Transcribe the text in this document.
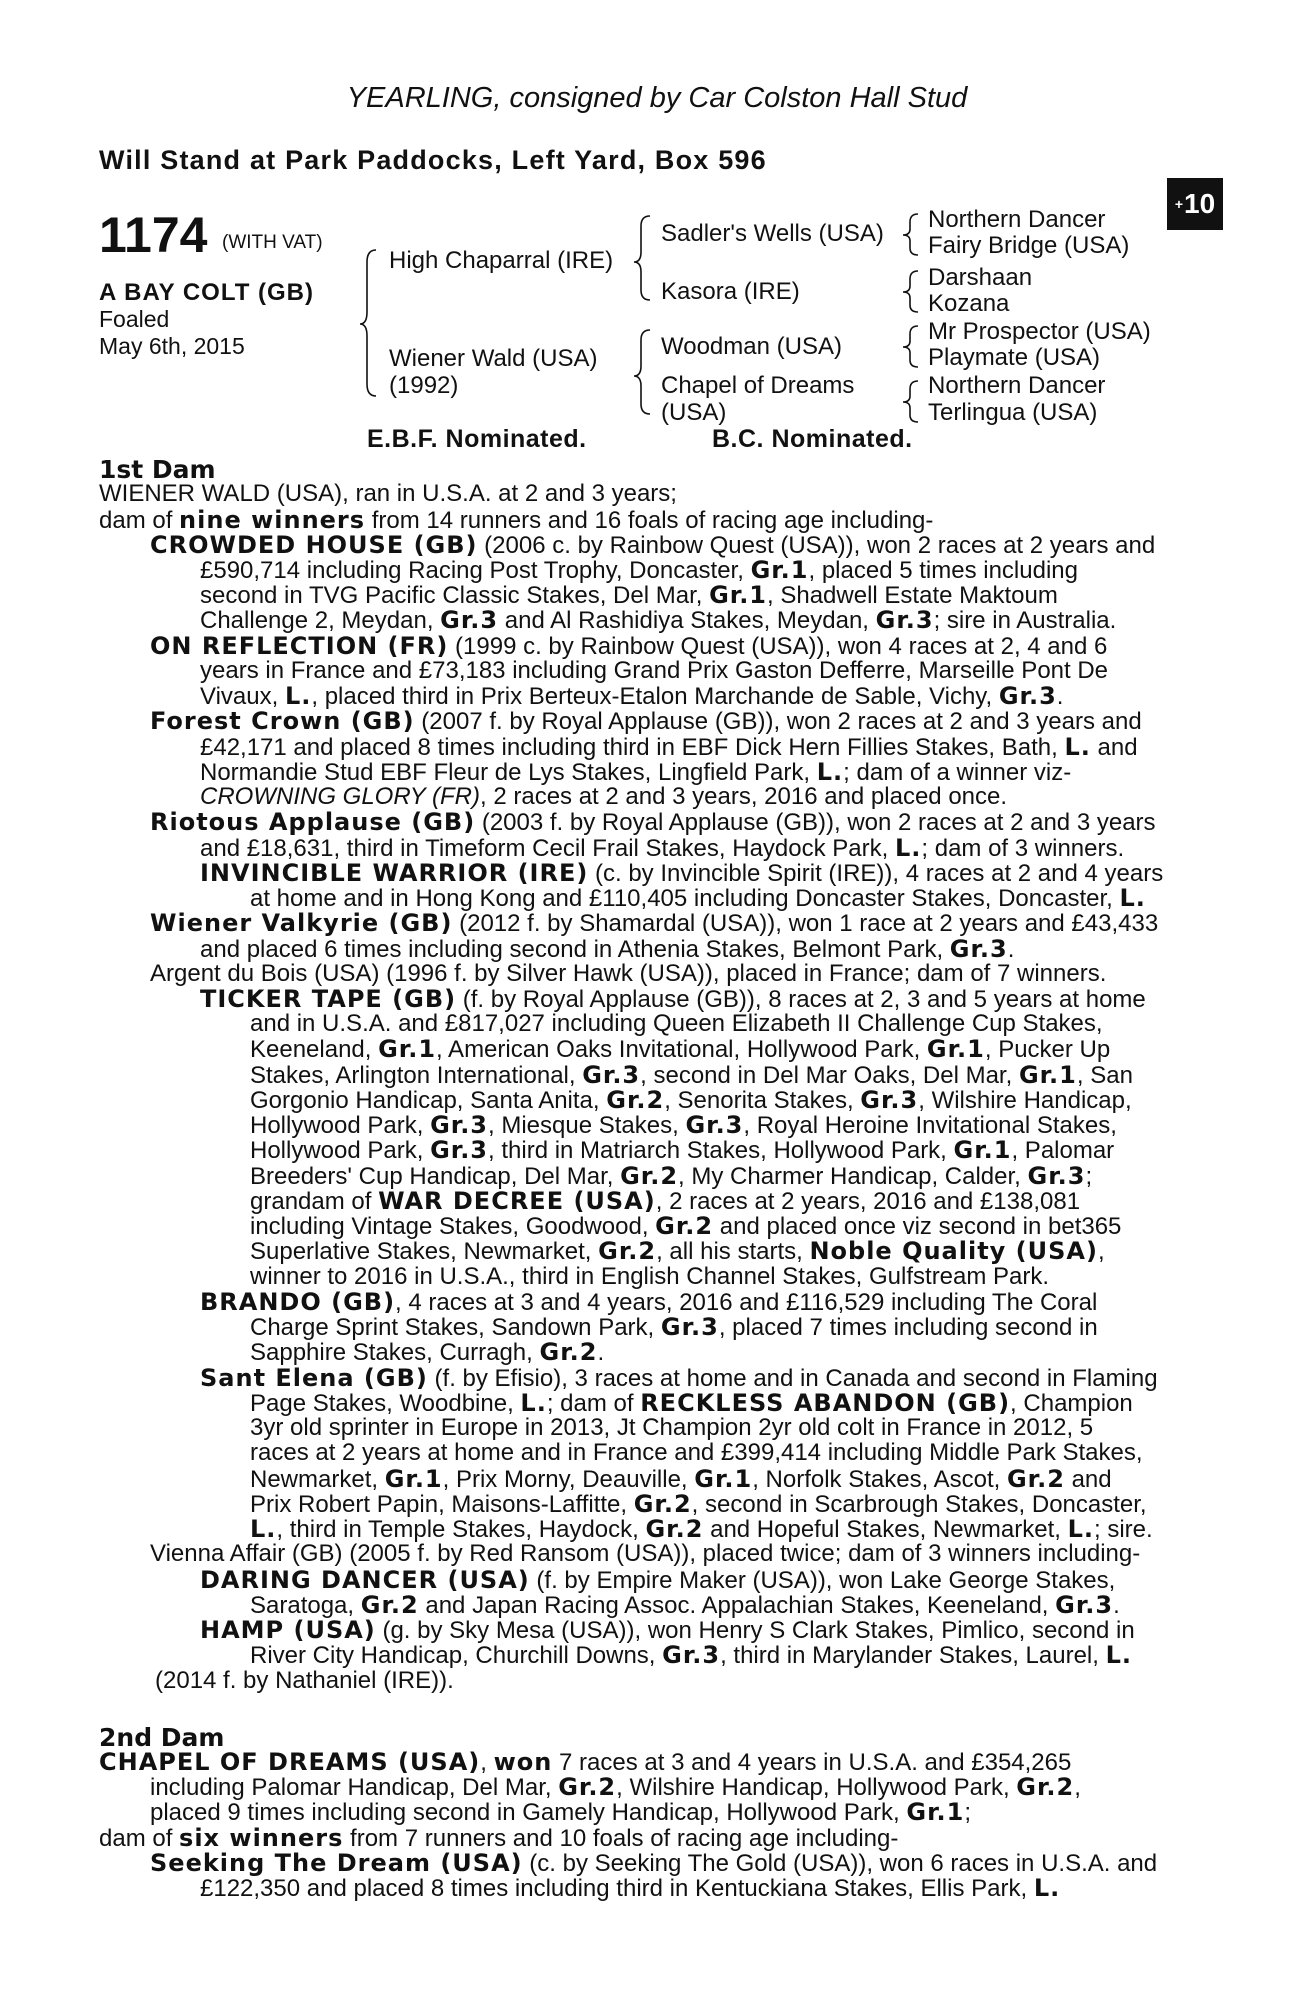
YEARLING, consigned by Car Colston Hall Stud
Will Stand at Park Paddocks, Left Yard, Box 596
+10
1174 (WITH VAT)
A BAY COLT (GB)
Foaled
May 6th, 2015
High Chaparral (IRE)
Wiener Wald (USA)
(1992)
Sadler's Wells (USA)
Kasora (IRE)
Woodman (USA)
Chapel of Dreams
(USA)
Northern Dancer
Fairy Bridge (USA)
Darshaan
Kozana
Mr Prospector (USA)
Playmate (USA)
Northern Dancer
Terlingua (USA)
E.B.F. Nominated.	B.C. Nominated.
1st Dam
WIENER WALD (USA), ran in U.S.A. at 2 and 3 years;
dam of nine winners from 14 runners and 16 foals of racing age including-
CROWDED HOUSE (GB) (2006 c. by Rainbow Quest (USA)), won 2 races at 2 years and
£590,714 including Racing Post Trophy, Doncaster, Gr.1, placed 5 times including
second in TVG Pacific Classic Stakes, Del Mar, Gr.1, Shadwell Estate Maktoum
Challenge 2, Meydan, Gr.3 and Al Rashidiya Stakes, Meydan, Gr.3; sire in Australia.
ON REFLECTION (FR) (1999 c. by Rainbow Quest (USA)), won 4 races at 2, 4 and 6
years in France and £73,183 including Grand Prix Gaston Defferre, Marseille Pont De
Vivaux, L., placed third in Prix Berteux-Etalon Marchande de Sable, Vichy, Gr.3.
Forest Crown (GB) (2007 f. by Royal Applause (GB)), won 2 races at 2 and 3 years and
£42,171 and placed 8 times including third in EBF Dick Hern Fillies Stakes, Bath, L. and
Normandie Stud EBF Fleur de Lys Stakes, Lingfield Park, L.; dam of a winner viz-
CROWNING GLORY (FR), 2 races at 2 and 3 years, 2016 and placed once.
Riotous Applause (GB) (2003 f. by Royal Applause (GB)), won 2 races at 2 and 3 years
and £18,631, third in Timeform Cecil Frail Stakes, Haydock Park, L.; dam of 3 winners.
INVINCIBLE WARRIOR (IRE) (c. by Invincible Spirit (IRE)), 4 races at 2 and 4 years
at home and in Hong Kong and £110,405 including Doncaster Stakes, Doncaster, L.
Wiener Valkyrie (GB) (2012 f. by Shamardal (USA)), won 1 race at 2 years and £43,433
and placed 6 times including second in Athenia Stakes, Belmont Park, Gr.3.
Argent du Bois (USA) (1996 f. by Silver Hawk (USA)), placed in France; dam of 7 winners.
TICKER TAPE (GB) (f. by Royal Applause (GB)), 8 races at 2, 3 and 5 years at home
and in U.S.A. and £817,027 including Queen Elizabeth II Challenge Cup Stakes,
Keeneland, Gr.1, American Oaks Invitational, Hollywood Park, Gr.1, Pucker Up
Stakes, Arlington International, Gr.3, second in Del Mar Oaks, Del Mar, Gr.1, San
Gorgonio Handicap, Santa Anita, Gr.2, Senorita Stakes, Gr.3, Wilshire Handicap,
Hollywood Park, Gr.3, Miesque Stakes, Gr.3, Royal Heroine Invitational Stakes,
Hollywood Park, Gr.3, third in Matriarch Stakes, Hollywood Park, Gr.1, Palomar
Breeders' Cup Handicap, Del Mar, Gr.2, My Charmer Handicap, Calder, Gr.3;
grandam of WAR DECREE (USA), 2 races at 2 years, 2016 and £138,081
including Vintage Stakes, Goodwood, Gr.2 and placed once viz second in bet365
Superlative Stakes, Newmarket, Gr.2, all his starts, Noble Quality (USA),
winner to 2016 in U.S.A., third in English Channel Stakes, Gulfstream Park.
BRANDO (GB), 4 races at 3 and 4 years, 2016 and £116,529 including The Coral
Charge Sprint Stakes, Sandown Park, Gr.3, placed 7 times including second in
Sapphire Stakes, Curragh, Gr.2.
Sant Elena (GB) (f. by Efisio), 3 races at home and in Canada and second in Flaming
Page Stakes, Woodbine, L.; dam of RECKLESS ABANDON (GB), Champion
3yr old sprinter in Europe in 2013, Jt Champion 2yr old colt in France in 2012, 5
races at 2 years at home and in France and £399,414 including Middle Park Stakes,
Newmarket, Gr.1, Prix Morny, Deauville, Gr.1, Norfolk Stakes, Ascot, Gr.2 and
Prix Robert Papin, Maisons-Laffitte, Gr.2, second in Scarbrough Stakes, Doncaster,
L., third in Temple Stakes, Haydock, Gr.2 and Hopeful Stakes, Newmarket, L.; sire.
Vienna Affair (GB) (2005 f. by Red Ransom (USA)), placed twice; dam of 3 winners including-
DARING DANCER (USA) (f. by Empire Maker (USA)), won Lake George Stakes,
Saratoga, Gr.2 and Japan Racing Assoc. Appalachian Stakes, Keeneland, Gr.3.
HAMP (USA) (g. by Sky Mesa (USA)), won Henry S Clark Stakes, Pimlico, second in
River City Handicap, Churchill Downs, Gr.3, third in Marylander Stakes, Laurel, L.
(2014 f. by Nathaniel (IRE)).
2nd Dam
CHAPEL OF DREAMS (USA), won 7 races at 3 and 4 years in U.S.A. and £354,265
including Palomar Handicap, Del Mar, Gr.2, Wilshire Handicap, Hollywood Park, Gr.2,
placed 9 times including second in Gamely Handicap, Hollywood Park, Gr.1;
dam of six winners from 7 runners and 10 foals of racing age including-
Seeking The Dream (USA) (c. by Seeking The Gold (USA)), won 6 races in U.S.A. and
£122,350 and placed 8 times including third in Kentuckiana Stakes, Ellis Park, L.
